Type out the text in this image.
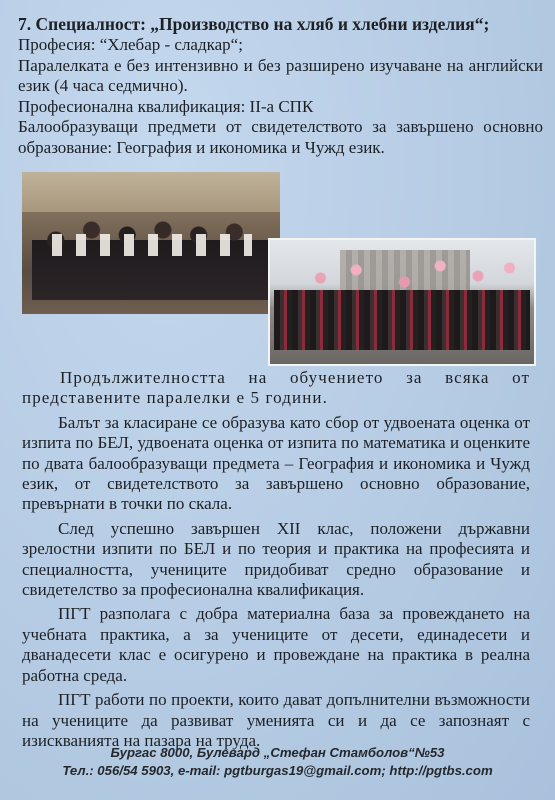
7. Специалност: „Производство на хляб и хлебни изделия“;
Професия: “Хлебар - сладкар“;
Паралелката е без интензивно и без разширено изучаване на английски език (4 часа седмично).
Професионална квалификация: II-а СПК
Балообразуващи предмети от свидетелството за завършено основно образование: География и икономика и Чужд език.

Продължителността на обучението за всяка от представените паралелки е 5 години.

Балът за класиране се образува като сбор от удвоената оценка от изпита по БЕЛ, удвоената оценка от изпита по математика и оценките по двата балообразуващи предмета – География и икономика и Чужд език, от свидетелството за завършено основно образование, превърнати в точки по скала.

След успешно завършен XII клас, положени държавни зрелостни изпити по БЕЛ и по теория и практика на професията и специалността, учениците придобиват средно образование и свидетелство за професионална квалификация.

ПГТ разполага с добра материална база за провеждането на учебната практика, а за учениците от десети, единадесети и дванадесети клас е осигурено и провеждане на практика в реална работна среда.

ПГТ работи по проекти, които дават допълнителни възможности на учениците да развиват уменията си и да се запознаят с изискванията на пазара на труда.

Бургас 8000, Булевард „Стефан Стамболов“№53
Тел.: 056/54 5903, e-mail: pgtburgas19@gmail.com; http://pgtbs.com
